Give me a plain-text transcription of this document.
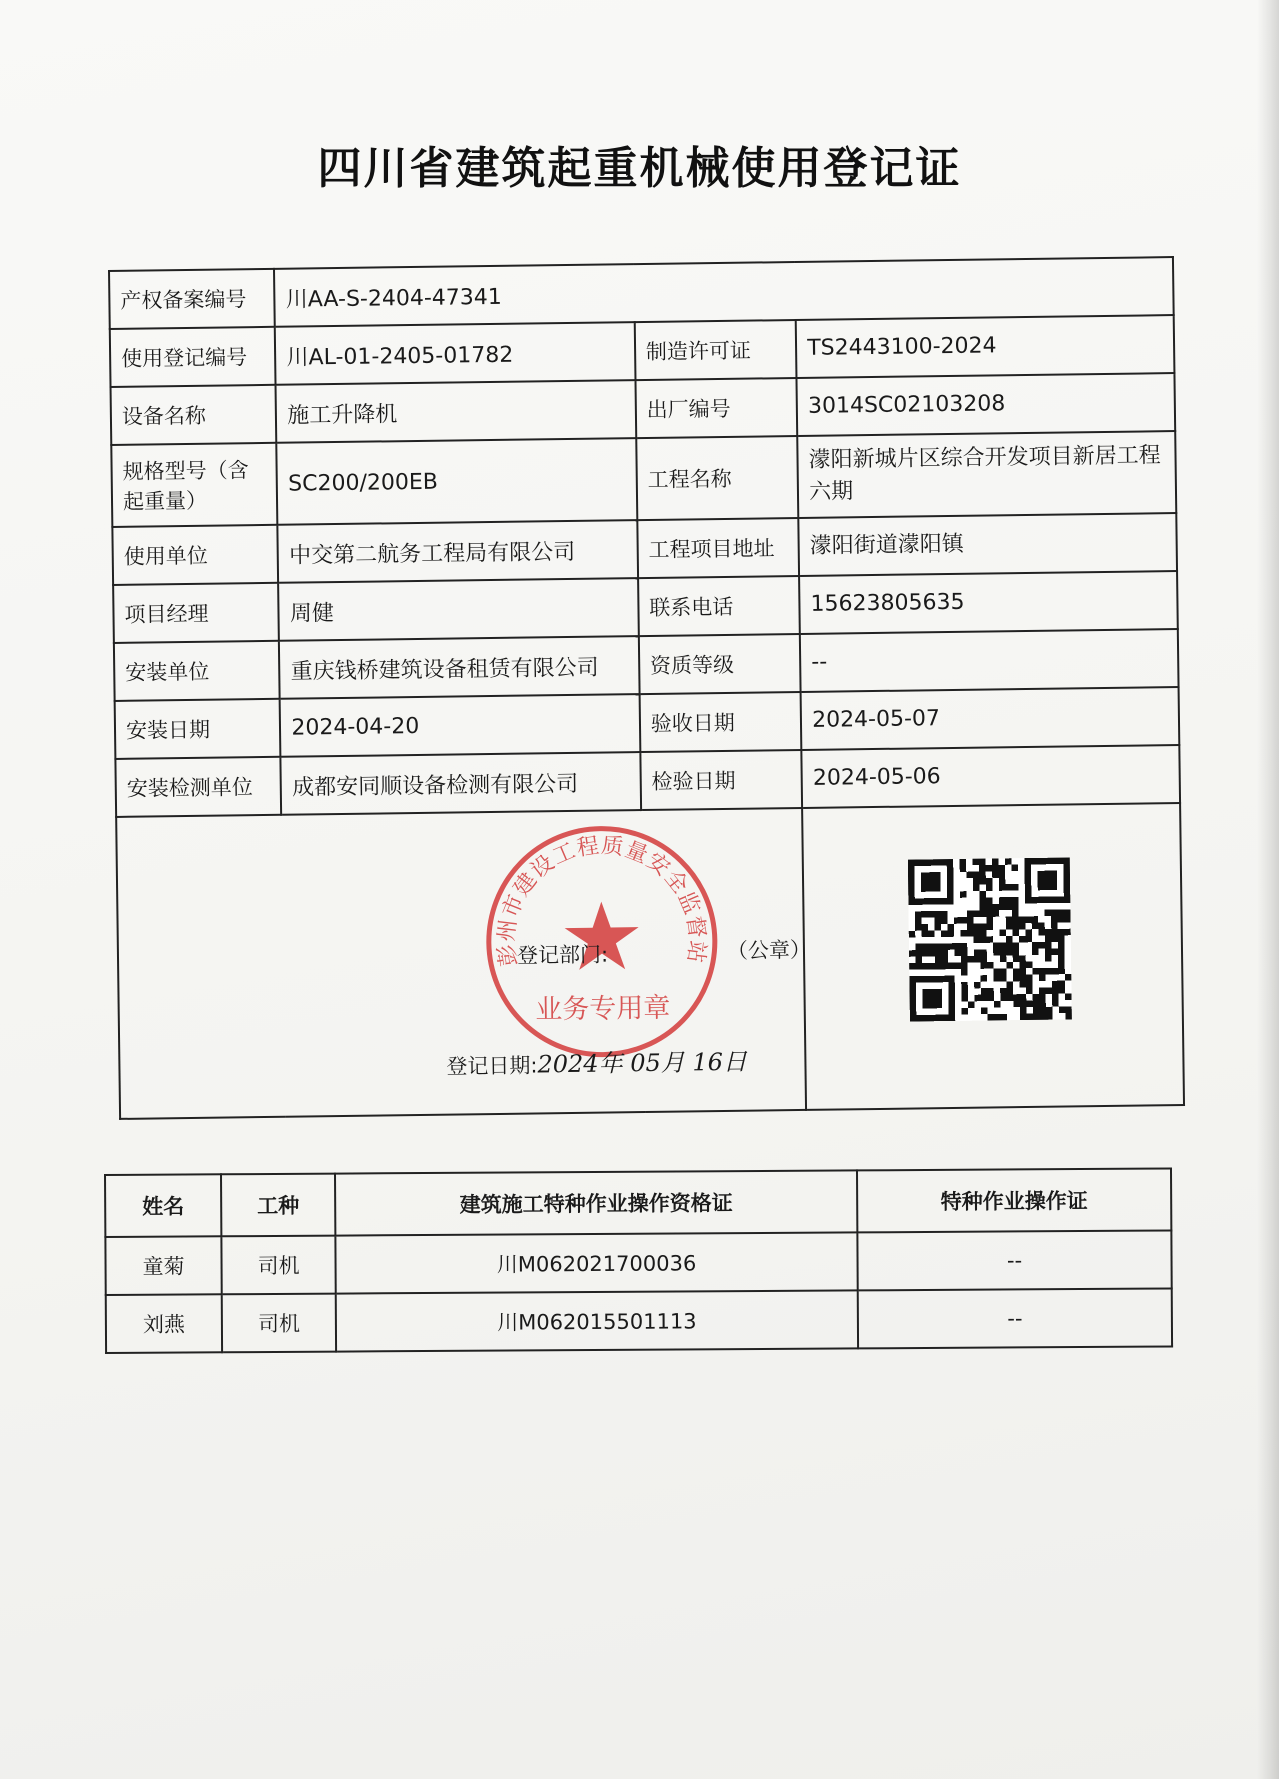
四川省建筑起重机械使用登记证
产权备案编号	川AA-S-2404-47341		
使用登记编号	川AL-01-2405-01782	制造许可证	TS2443100-2024
设备名称	施工升降机	出厂编号	3014SC02103208
规格型号（含起重量）	SC200/200EB	工程名称	濛阳新城片区综合开发项目新居工程六期
使用单位	中交第二航务工程局有限公司	工程项目地址	濛阳街道濛阳镇
项目经理	周健	联系电话	15623805635
安装单位	重庆钱桥建筑设备租赁有限公司	资质等级	--
安装日期	2024-04-20	验收日期	2024-05-07
安装检测单位	成都安同顺设备检测有限公司	检验日期	2024-05-06

彭州市建设工程质量安全监督站
业务专用章
登记部门: （公章）
登记日期:2024年 05月 16日

姓名	工种	建筑施工特种作业操作资格证	特种作业操作证
童菊	司机	川M062021700036	--
刘燕	司机	川M062015501113	--
